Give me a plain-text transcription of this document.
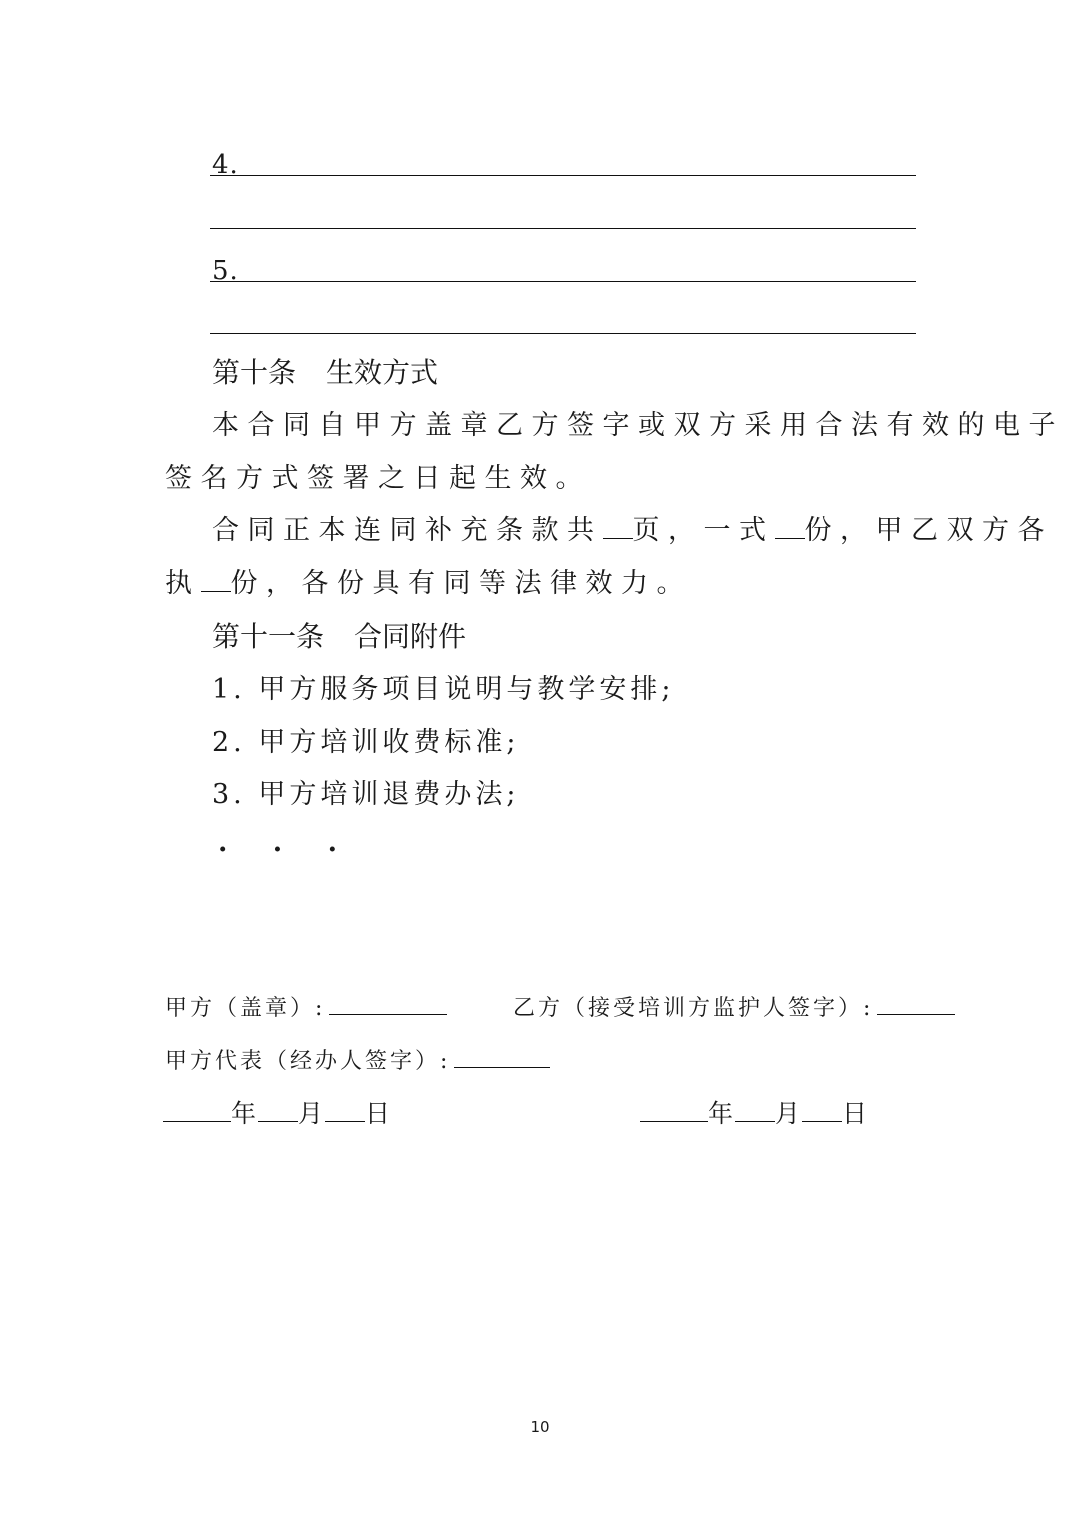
4.
5.
第十条 生效方式
本合同自甲方盖章乙方签字或双方采用合法有效的电子
签名方式签署之日起生效。
合同正本连同补充条款共 页，一式 份，甲乙双方各
执 份，各份具有同等法律效力。
第十一条 合同附件
1. 甲方服务项目说明与教学安排;
2. 甲方培训收费标准;
3. 甲方培训退费办法;
. . .
甲方（盖章）:	乙方（接受培训方监护人签字）:
甲方代表（经办人签字）:
年 月 日	年 月 日
10
